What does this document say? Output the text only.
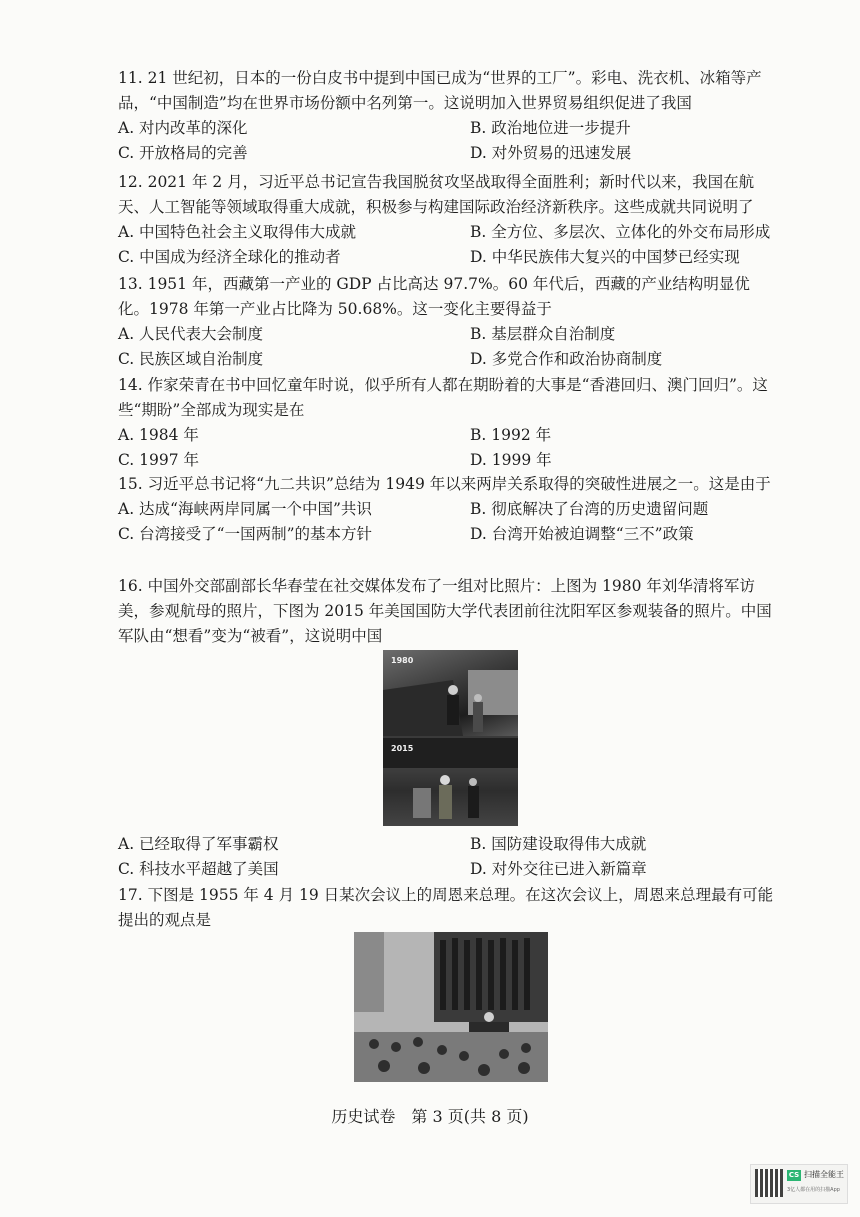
11. 21 世纪初，日本的一份白皮书中提到中国已成为“世界的工厂”。彩电、洗衣机、冰箱等产品，“中国制造”均在世界市场份额中名列第一。这说明加入世界贸易组织促进了我国

A. 对内改革的深化	B. 政治地位进一步提升
C. 开放格局的完善	D. 对外贸易的迅速发展

12. 2021 年 2 月，习近平总书记宣告我国脱贫攻坚战取得全面胜利；新时代以来，我国在航天、人工智能等领域取得重大成就，积极参与构建国际政治经济新秩序。这些成就共同说明了

A. 中国特色社会主义取得伟大成就	B. 全方位、多层次、立体化的外交布局形成
C. 中国成为经济全球化的推动者	D. 中华民族伟大复兴的中国梦已经实现

13. 1951 年，西藏第一产业的 GDP 占比高达 97.7%。60 年代后，西藏的产业结构明显优化。1978 年第一产业占比降为 50.68%。这一变化主要得益于

A. 人民代表大会制度	B. 基层群众自治制度
C. 民族区域自治制度	D. 多党合作和政治协商制度

14. 作家荣青在书中回忆童年时说，似乎所有人都在期盼着的大事是“香港回归、澳门回归”。这些“期盼”全部成为现实是在

A. 1984 年	B. 1992 年
C. 1997 年	D. 1999 年

15. 习近平总书记将“九二共识”总结为 1949 年以来两岸关系取得的突破性进展之一。这是由于

A. 达成“海峡两岸同属一个中国”共识	B. 彻底解决了台湾的历史遗留问题
C. 台湾接受了“一国两制”的基本方针	D. 台湾开始被迫调整“三不”政策

16. 中国外交部副部长华春莹在社交媒体发布了一组对比照片：上图为 1980 年刘华清将军访美，参观航母的照片，下图为 2015 年美国国防大学代表团前往沈阳军区参观装备的照片。中国军队由“想看”变为“被看”，这说明中国

1980
2015
A. 已经取得了军事霸权	B. 国防建设取得伟大成就
C. 科技水平超越了美国	D. 对外交往已进入新篇章

17. 下图是 1955 年 4 月 19 日某次会议上的周恩来总理。在这次会议上，周恩来总理最有可能提出的观点是

历史试卷　第 3 页(共 8 页)
CS 扫描全能王
3亿人都在用的扫描App
